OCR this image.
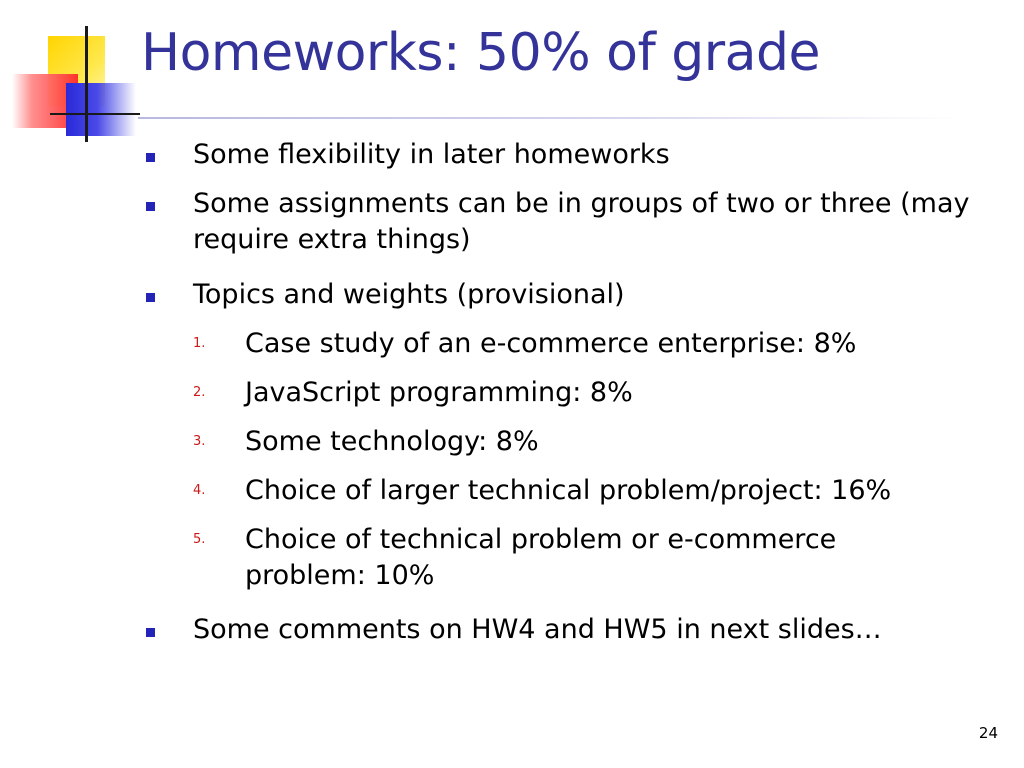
Homeworks: 50% of grade
Some flexibility in later homeworks
Some assignments can be in groups of two or three (may require extra things)
Topics and weights (provisional)
1. Case study of an e-commerce enterprise: 8%
2. JavaScript programming: 8%
3. Some technology: 8%
4. Choice of larger technical problem/project: 16%
5. Choice of technical problem or e-commerce problem: 10%
Some comments on HW4 and HW5 in next slides…
24
